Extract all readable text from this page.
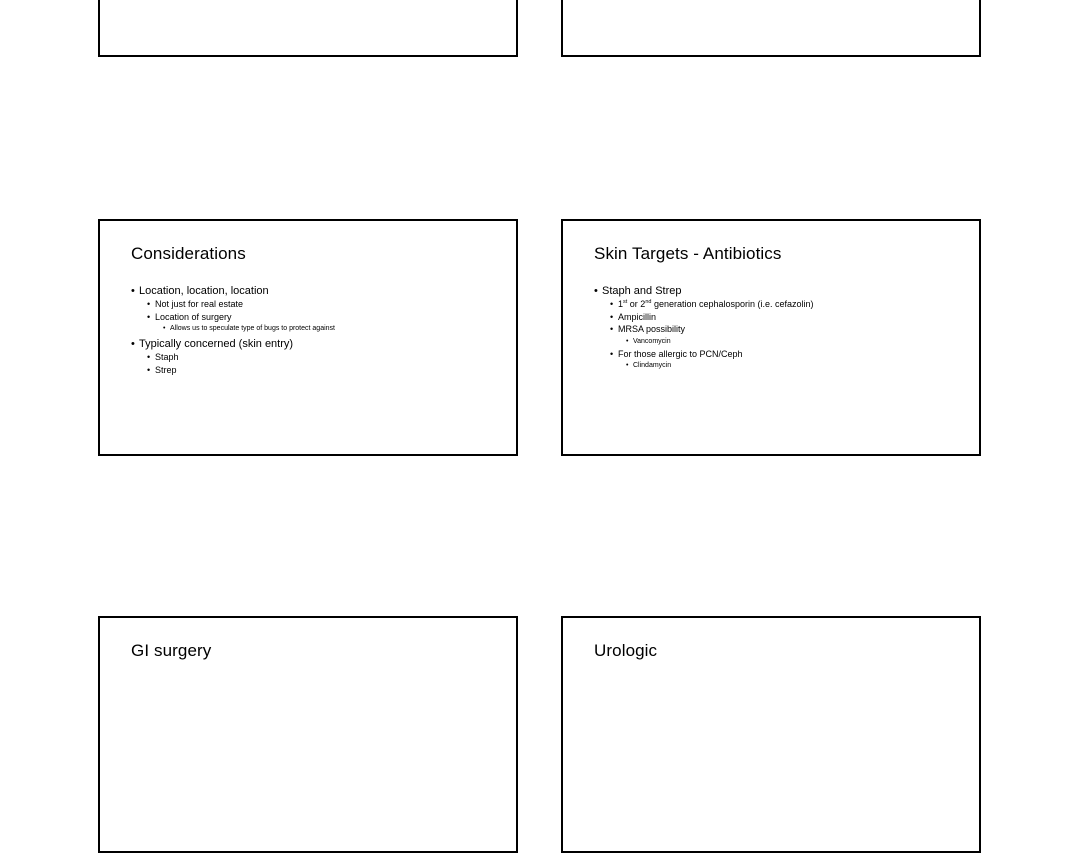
Considerations
• Location, location, location
• Not just for real estate
• Location of surgery
• Allows us to speculate type of bugs to protect against
• Typically concerned (skin entry)
• Staph
• Strep
Skin Targets - Antibiotics
• Staph and Strep
• 1st or 2nd generation cephalosporin (i.e. cefazolin)
• Ampicillin
• MRSA possibility
• Vancomycin
• For those allergic to PCN/Ceph
• Clindamycin
GI surgery	Urologic
